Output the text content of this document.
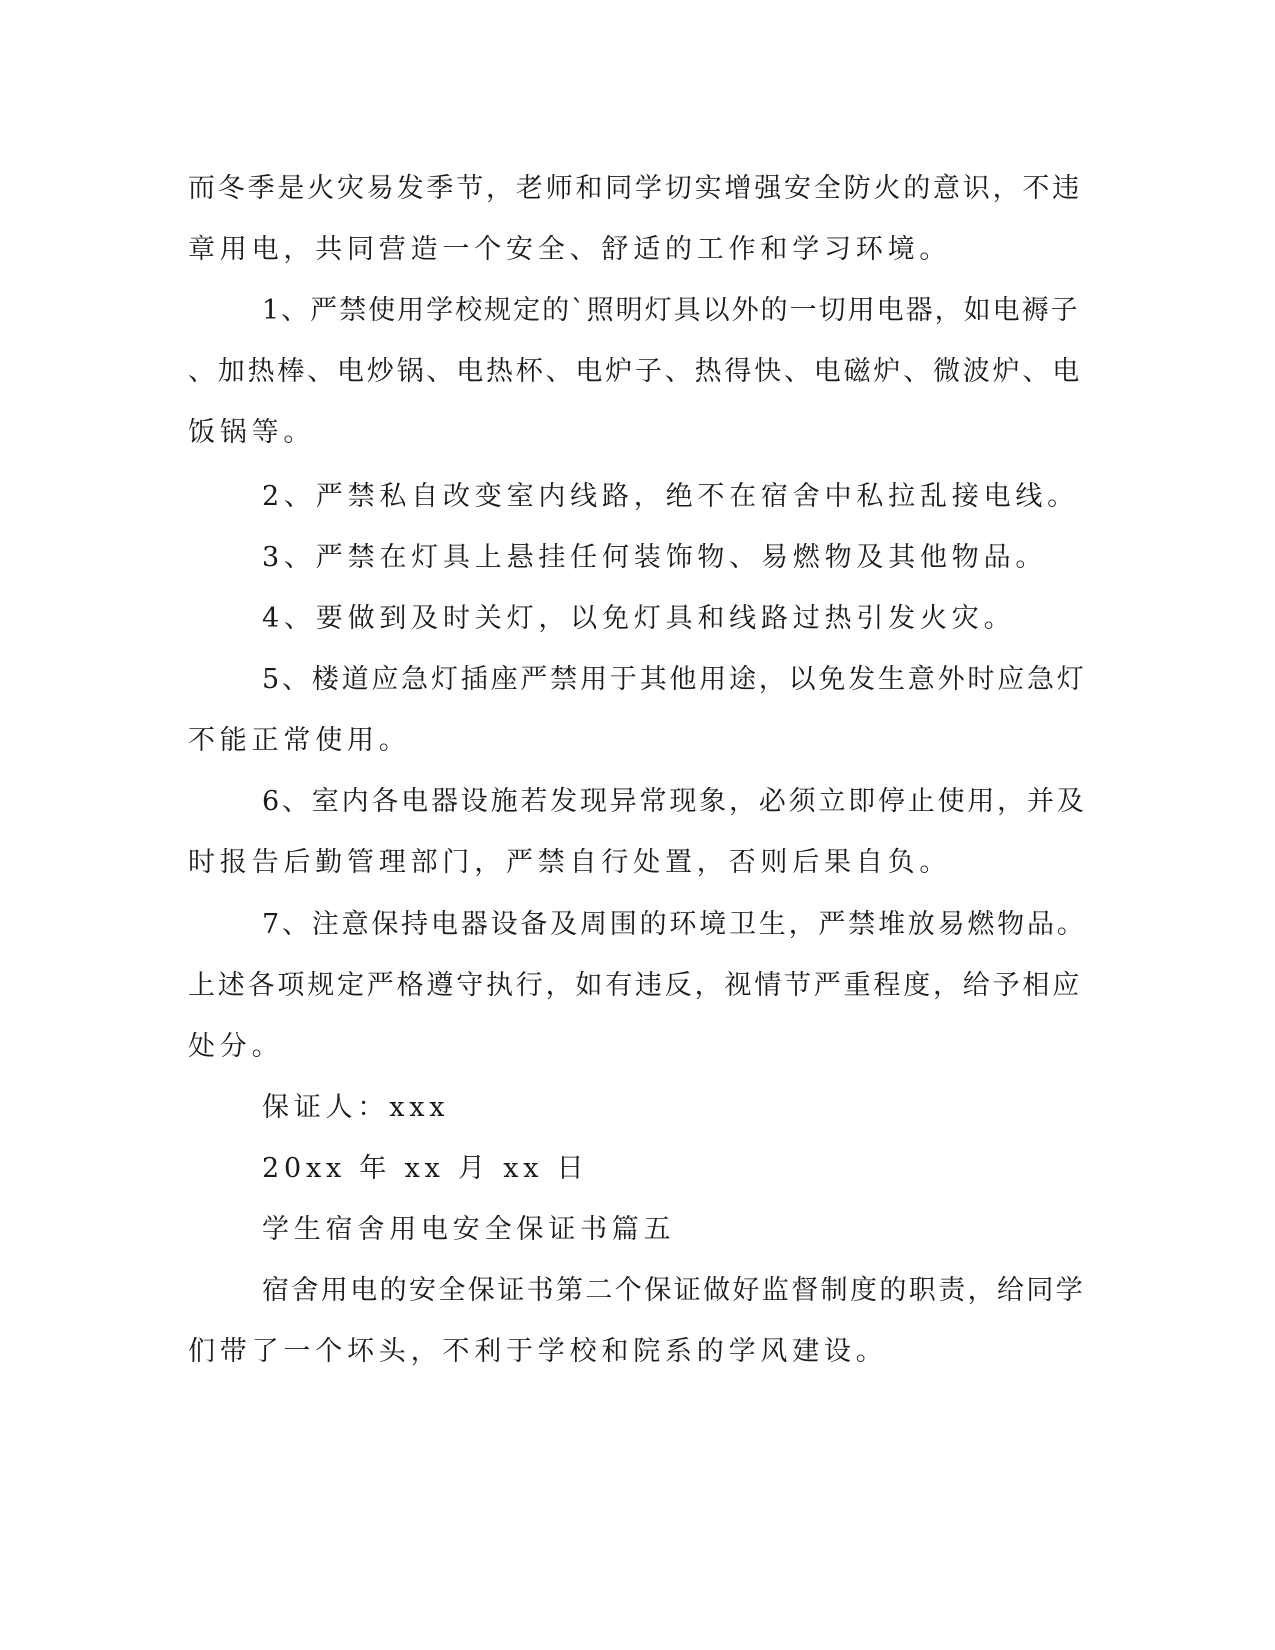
而冬季是火灾易发季节，老师和同学切实增强安全防火的意识，不违
章用电，共同营造一个安全、舒适的工作和学习环境。
1、严禁使用学校规定的`照明灯具以外的一切用电器，如电褥子
、加热棒、电炒锅、电热杯、电炉子、热得快、电磁炉、微波炉、电
饭锅等。
2、严禁私自改变室内线路，绝不在宿舍中私拉乱接电线。
3、严禁在灯具上悬挂任何装饰物、易燃物及其他物品。
4、要做到及时关灯，以免灯具和线路过热引发火灾。
5、楼道应急灯插座严禁用于其他用途，以免发生意外时应急灯
不能正常使用。
6、室内各电器设施若发现异常现象，必须立即停止使用，并及
时报告后勤管理部门，严禁自行处置，否则后果自负。
7、注意保持电器设备及周围的环境卫生，严禁堆放易燃物品。
上述各项规定严格遵守执行，如有违反，视情节严重程度，给予相应
处分。
保证人：xxx
20xx 年 xx 月 xx 日
学生宿舍用电安全保证书篇五
宿舍用电的安全保证书第二个保证做好监督制度的职责，给同学
们带了一个坏头，不利于学校和院系的学风建设。
